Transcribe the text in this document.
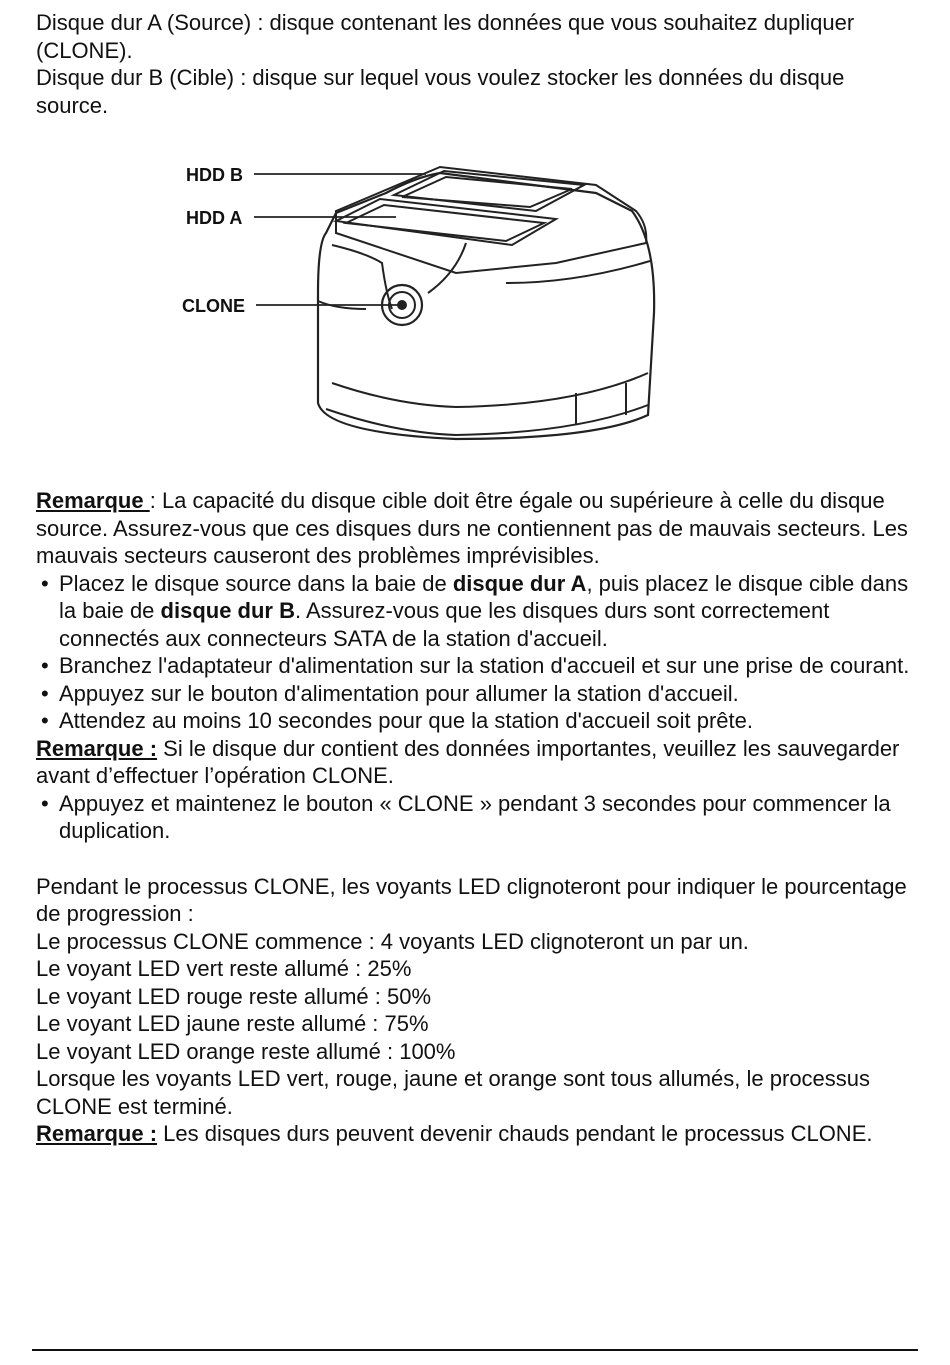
Disque dur A (Source) : disque contenant les données que vous souhaitez dupliquer (CLONE).

Disque dur B (Cible) : disque sur lequel vous voulez stocker les données du disque source.

HDD B
HDD A
CLONE

Remarque : La capacité du disque cible doit être égale ou supérieure à celle du disque source. Assurez-vous que ces disques durs ne contiennent pas de mauvais secteurs. Les mauvais secteurs causeront des problèmes imprévisibles.

• Placez le disque source dans la baie de disque dur A, puis placez le disque cible dans la baie de disque dur B. Assurez-vous que les disques durs sont correctement connectés aux connecteurs SATA de la station d'accueil.
• Branchez l'adaptateur d'alimentation sur la station d'accueil et sur une prise de courant.
• Appuyez sur le bouton d'alimentation pour allumer la station d'accueil.
• Attendez au moins 10 secondes pour que la station d'accueil soit prête.

Remarque : Si le disque dur contient des données importantes, veuillez les sauvegarder avant d’effectuer l’opération CLONE.

• Appuyez et maintenez le bouton « CLONE » pendant 3 secondes pour commencer la duplication.

Pendant le processus CLONE, les voyants LED clignoteront pour indiquer le pourcentage de progression :

Le processus CLONE commence : 4 voyants LED clignoteront un par un.

Le voyant LED vert reste allumé : 25%

Le voyant LED rouge reste allumé : 50%

Le voyant LED jaune reste allumé : 75%

Le voyant LED orange reste allumé : 100%

Lorsque les voyants LED vert, rouge, jaune et orange sont tous allumés, le processus CLONE est terminé.

Remarque : Les disques durs peuvent devenir chauds pendant le processus CLONE.
